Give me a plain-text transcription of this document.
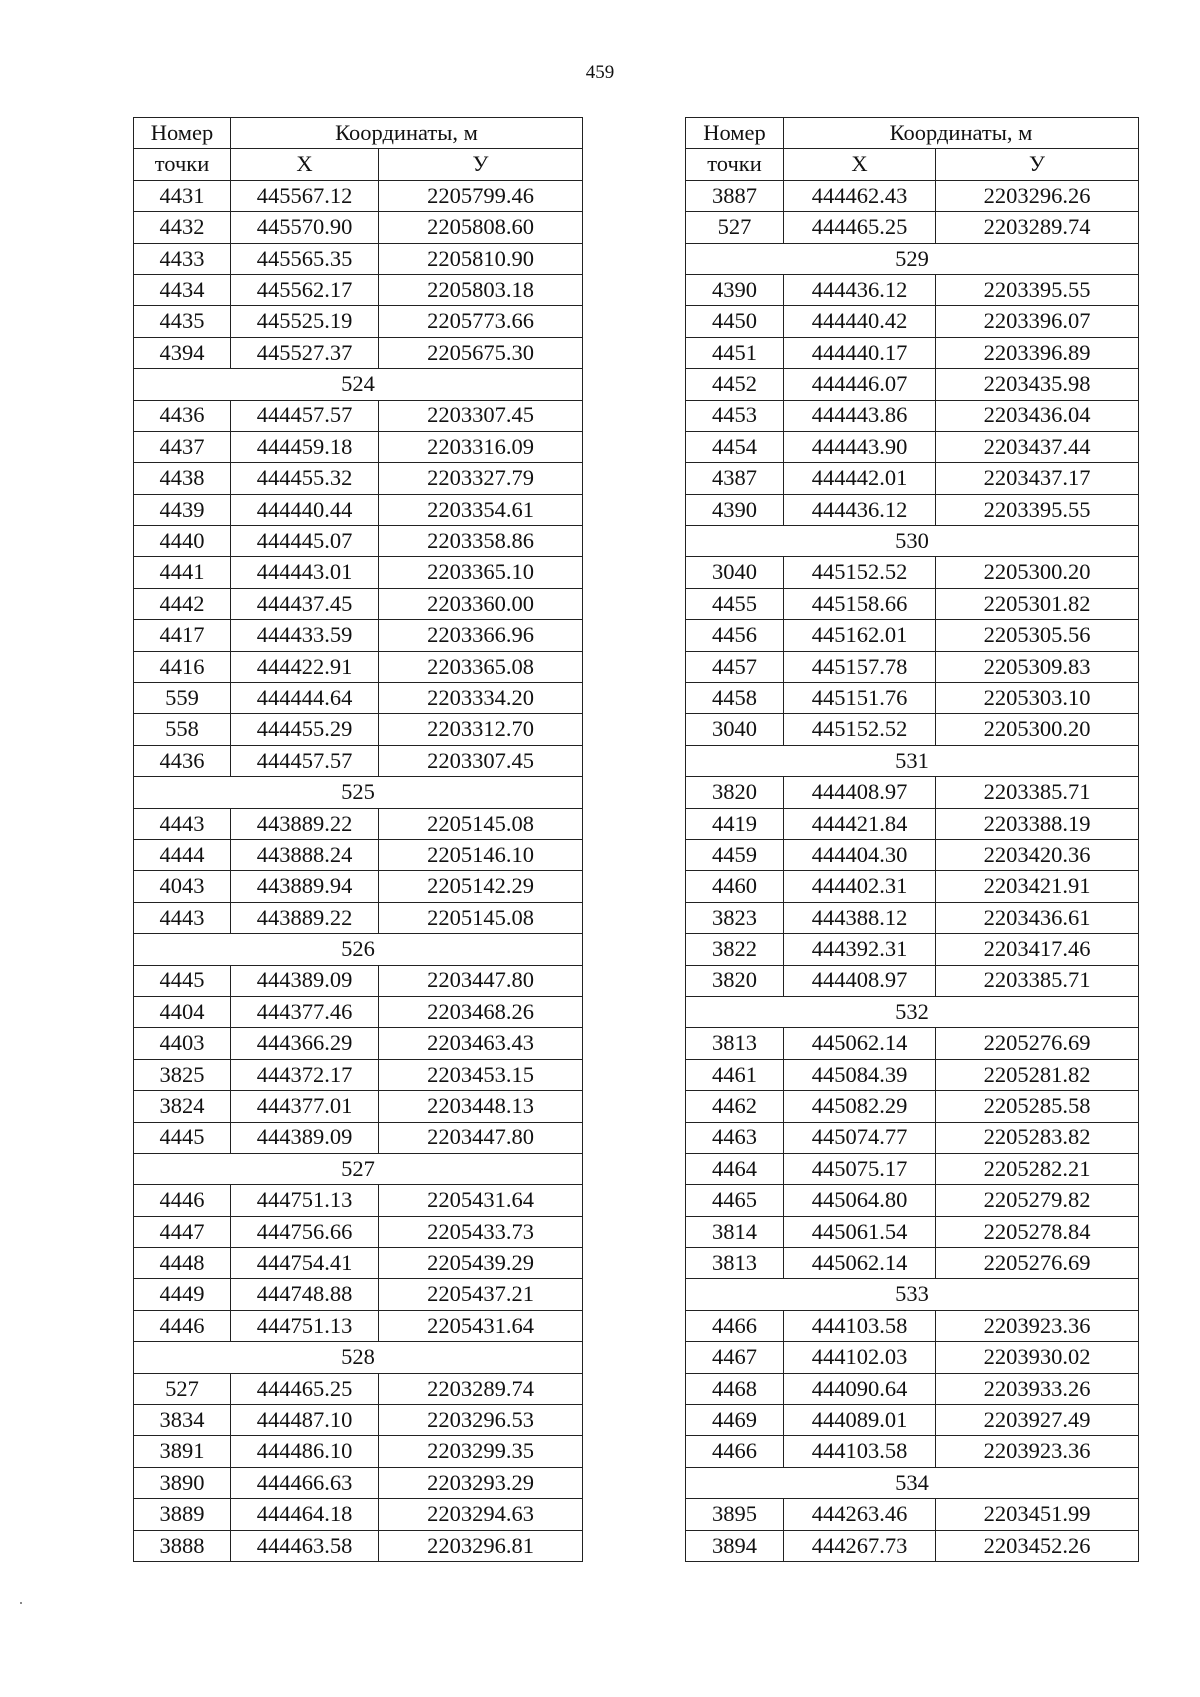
459
Номер	Координаты, м	
точки	X	У
4431	445567.12	2205799.46
4432	445570.90	2205808.60
4433	445565.35	2205810.90
4434	445562.17	2205803.18
4435	445525.19	2205773.66
4394	445527.37	2205675.30
524		
4436	444457.57	2203307.45
4437	444459.18	2203316.09
4438	444455.32	2203327.79
4439	444440.44	2203354.61
4440	444445.07	2203358.86
4441	444443.01	2203365.10
4442	444437.45	2203360.00
4417	444433.59	2203366.96
4416	444422.91	2203365.08
559	444444.64	2203334.20
558	444455.29	2203312.70
4436	444457.57	2203307.45
525		
4443	443889.22	2205145.08
4444	443888.24	2205146.10
4043	443889.94	2205142.29
4443	443889.22	2205145.08
526		
4445	444389.09	2203447.80
4404	444377.46	2203468.26
4403	444366.29	2203463.43
3825	444372.17	2203453.15
3824	444377.01	2203448.13
4445	444389.09	2203447.80
527		
4446	444751.13	2205431.64
4447	444756.66	2205433.73
4448	444754.41	2205439.29
4449	444748.88	2205437.21
4446	444751.13	2205431.64
528		
527	444465.25	2203289.74
3834	444487.10	2203296.53
3891	444486.10	2203299.35
3890	444466.63	2203293.29
3889	444464.18	2203294.63
3888	444463.58	2203296.81
Номер	Координаты, м	
точки	X	У
3887	444462.43	2203296.26
527	444465.25	2203289.74
529		
4390	444436.12	2203395.55
4450	444440.42	2203396.07
4451	444440.17	2203396.89
4452	444446.07	2203435.98
4453	444443.86	2203436.04
4454	444443.90	2203437.44
4387	444442.01	2203437.17
4390	444436.12	2203395.55
530		
3040	445152.52	2205300.20
4455	445158.66	2205301.82
4456	445162.01	2205305.56
4457	445157.78	2205309.83
4458	445151.76	2205303.10
3040	445152.52	2205300.20
531		
3820	444408.97	2203385.71
4419	444421.84	2203388.19
4459	444404.30	2203420.36
4460	444402.31	2203421.91
3823	444388.12	2203436.61
3822	444392.31	2203417.46
3820	444408.97	2203385.71
532		
3813	445062.14	2205276.69
4461	445084.39	2205281.82
4462	445082.29	2205285.58
4463	445074.77	2205283.82
4464	445075.17	2205282.21
4465	445064.80	2205279.82
3814	445061.54	2205278.84
3813	445062.14	2205276.69
533		
4466	444103.58	2203923.36
4467	444102.03	2203930.02
4468	444090.64	2203933.26
4469	444089.01	2203927.49
4466	444103.58	2203923.36
534		
3895	444263.46	2203451.99
3894	444267.73	2203452.26
